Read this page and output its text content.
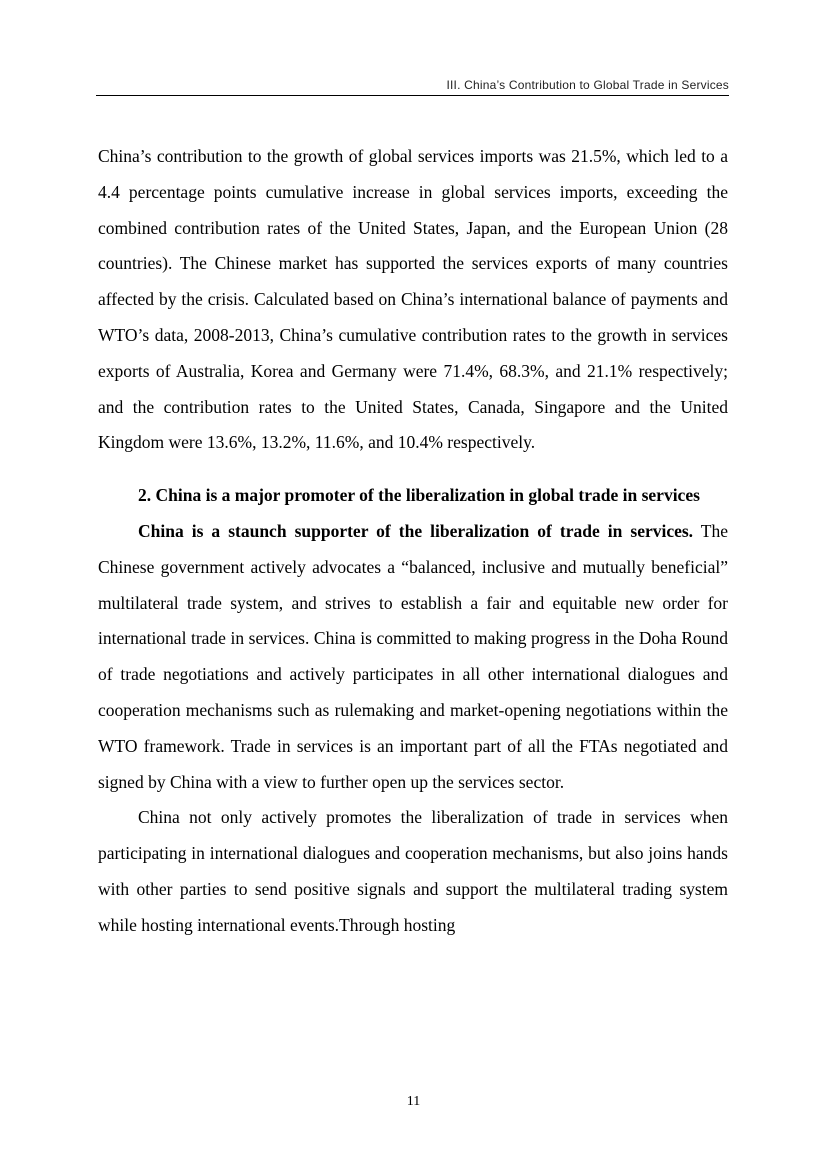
III. China’s Contribution to Global Trade in Services

China’s contribution to the growth of global services imports was 21.5%, which led to a 4.4 percentage points cumulative increase in global services imports, exceeding the combined contribution rates of the United States, Japan, and the European Union (28 countries). The Chinese market has supported the services exports of many countries affected by the crisis. Calculated based on China’s international balance of payments and WTO’s data, 2008-2013, China’s cumulative contribution rates to the growth in services exports of Australia, Korea and Germany were 71.4%, 68.3%, and 21.1% respectively; and the contribution rates to the United States, Canada, Singapore and the United Kingdom were 13.6%, 13.2%, 11.6%, and 10.4% respectively.

2. China is a major promoter of the liberalization in global trade in services

China is a staunch supporter of the liberalization of trade in services. The Chinese government actively advocates a “balanced, inclusive and mutually beneficial” multilateral trade system, and strives to establish a fair and equitable new order for international trade in services. China is committed to making progress in the Doha Round of trade negotiations and actively participates in all other international dialogues and cooperation mechanisms such as rulemaking and market-opening negotiations within the WTO framework. Trade in services is an important part of all the FTAs negotiated and signed by China with a view to further open up the services sector.

China not only actively promotes the liberalization of trade in services when participating in international dialogues and cooperation mechanisms, but also joins hands with other parties to send positive signals and support the multilateral trading system while hosting international events.Through hosting

11
